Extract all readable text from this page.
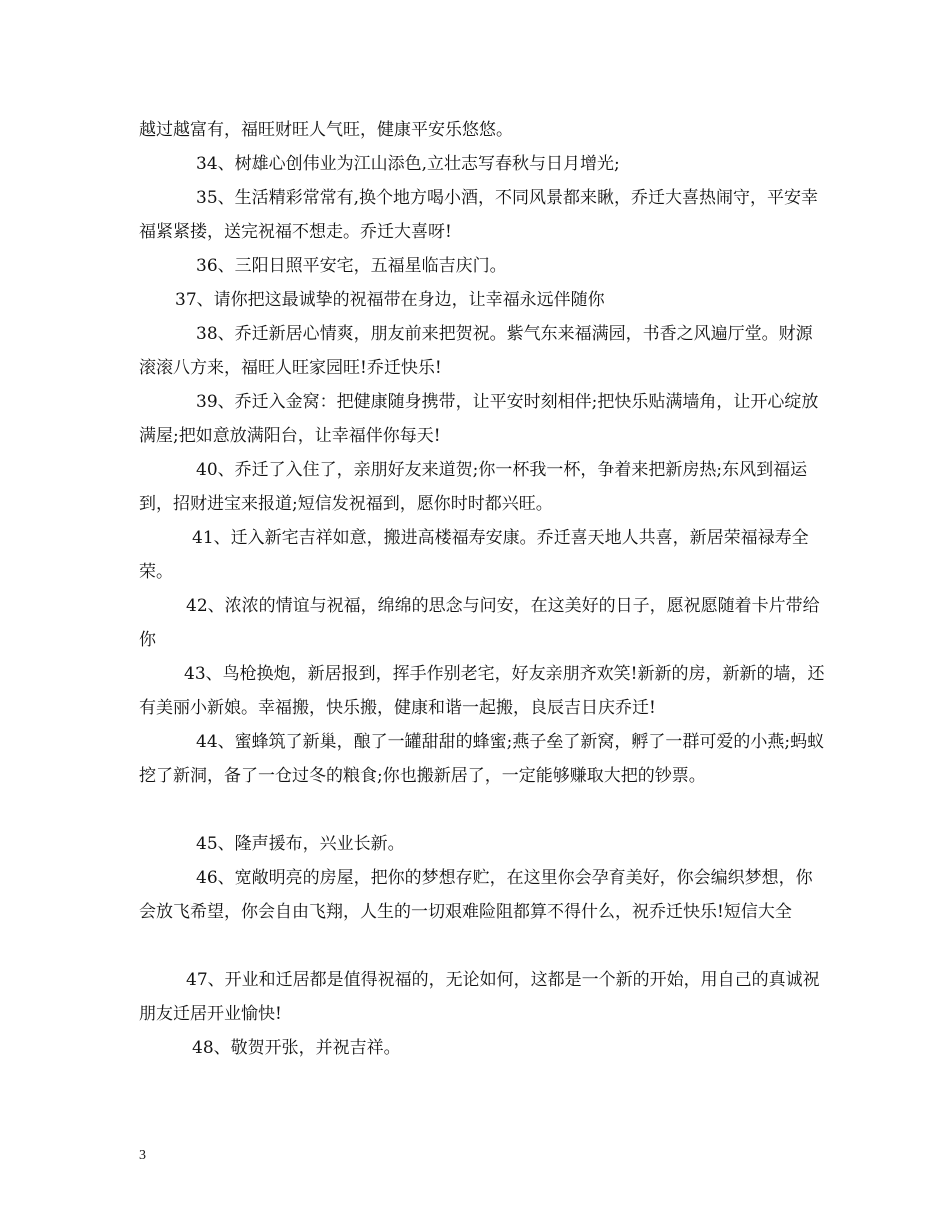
越过越富有，福旺财旺人气旺，健康平安乐悠悠。

34、树雄心创伟业为江山添色,立壮志写春秋与日月增光;

35、生活精彩常常有,换个地方喝小酒，不同风景都来瞅，乔迁大喜热闹守，平安幸福紧紧搂，送完祝福不想走。乔迁大喜呀!

36、三阳日照平安宅，五福星临吉庆门。

37、请你把这最诚挚的祝福带在身边，让幸福永远伴随你

38、乔迁新居心情爽，朋友前来把贺祝。紫气东来福满园，书香之风遍厅堂。财源滚滚八方来，福旺人旺家园旺!乔迁快乐!

39、乔迁入金窝：把健康随身携带，让平安时刻相伴;把快乐贴满墙角，让开心绽放满屋;把如意放满阳台，让幸福伴你每天!

40、乔迁了入住了，亲朋好友来道贺;你一杯我一杯，争着来把新房热;东风到福运到，招财进宝来报道;短信发祝福到，愿你时时都兴旺。

41、迁入新宅吉祥如意，搬进高楼福寿安康。乔迁喜天地人共喜，新居荣福禄寿全荣。

42、浓浓的情谊与祝福，绵绵的思念与问安，在这美好的日子，愿祝愿随着卡片带给你

43、鸟枪换炮，新居报到，挥手作别老宅，好友亲朋齐欢笑!新新的房，新新的墙，还有美丽小新娘。幸福搬，快乐搬，健康和谐一起搬，良辰吉日庆乔迁!

44、蜜蜂筑了新巢，酿了一罐甜甜的蜂蜜;燕子垒了新窝，孵了一群可爱的小燕;蚂蚁挖了新洞，备了一仓过冬的粮食;你也搬新居了，一定能够赚取大把的钞票。

45、隆声援布，兴业长新。

46、宽敞明亮的房屋，把你的梦想存贮，在这里你会孕育美好，你会编织梦想，你会放飞希望，你会自由飞翔，人生的一切艰难险阻都算不得什么，祝乔迁快乐!短信大全

47、开业和迁居都是值得祝福的，无论如何，这都是一个新的开始，用自己的真诚祝朋友迁居开业愉快!

48、敬贺开张，并祝吉祥。

3
